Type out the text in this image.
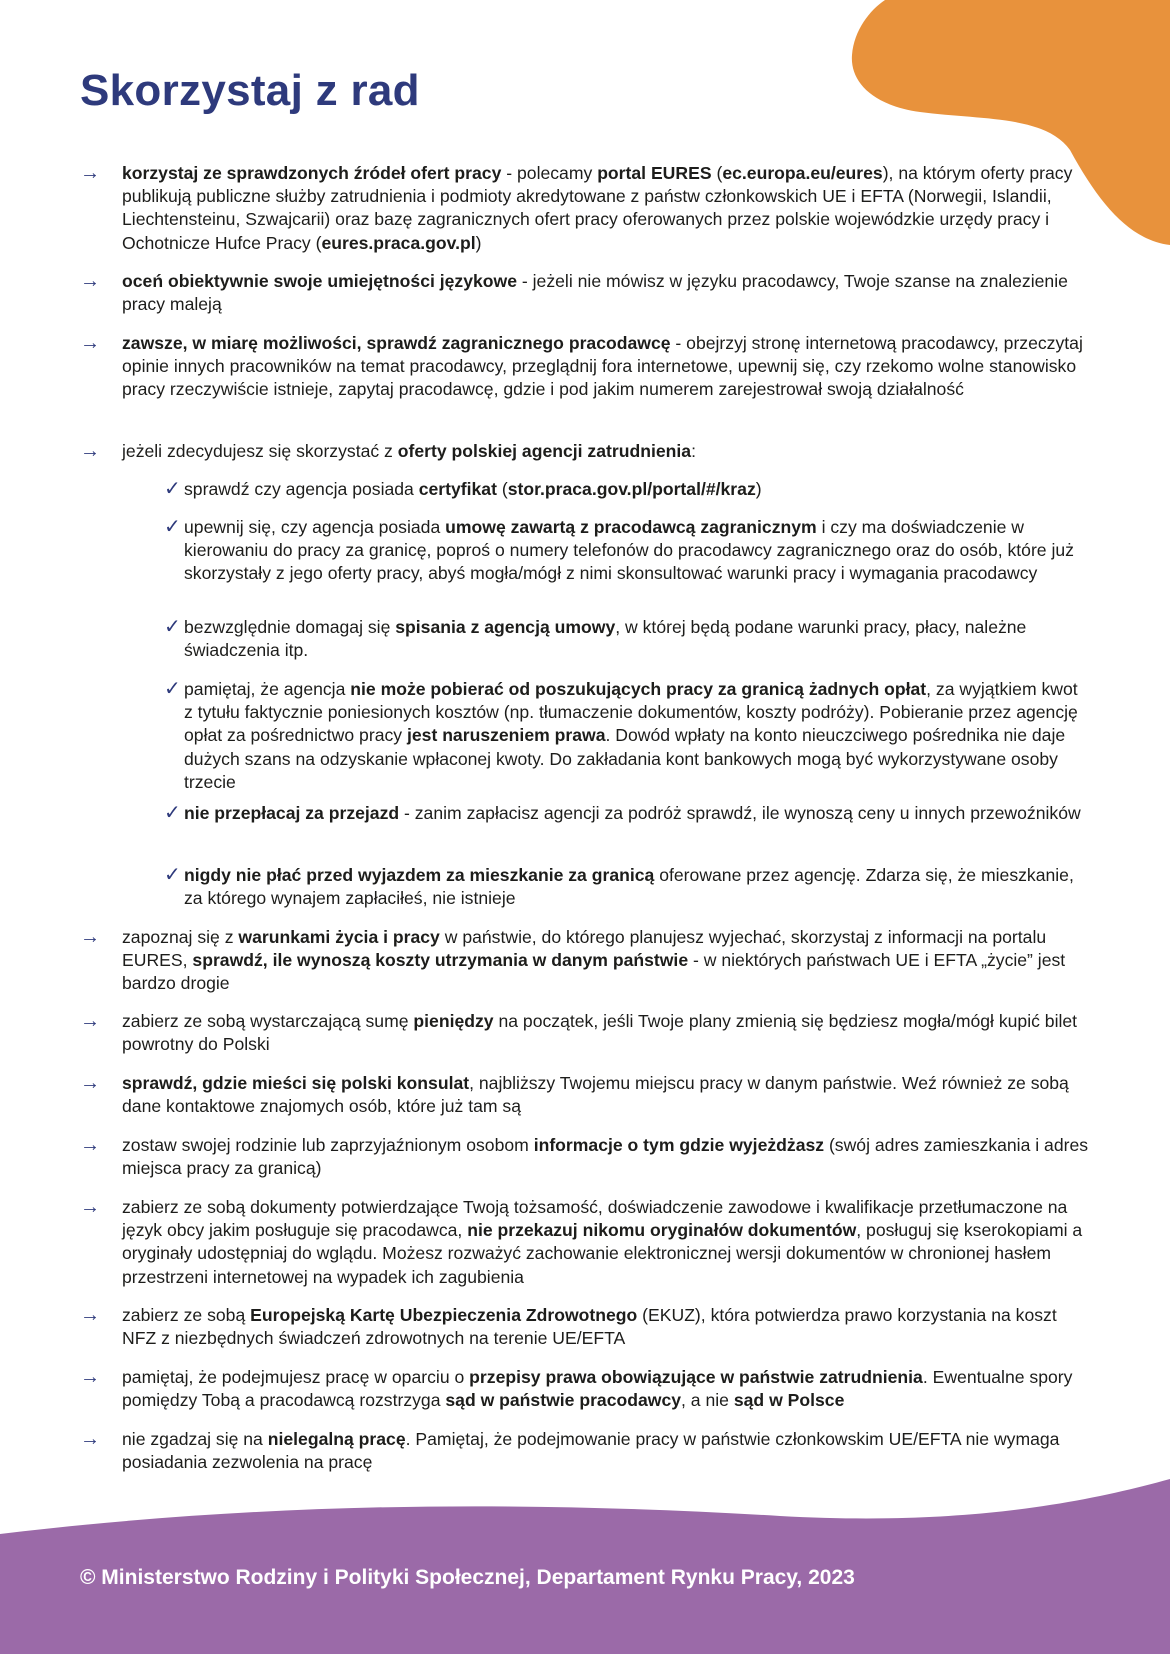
Skorzystaj z rad
→ korzystaj ze sprawdzonych źródeł ofert pracy - polecamy portal EURES (ec.europa.eu/eures), na którym oferty pracy publikują publiczne służby zatrudnienia i podmioty akredytowane z państw członkowskich UE i EFTA (Norwegii, Islandii, Liechtensteinu, Szwajcarii) oraz bazę zagranicznych ofert pracy oferowanych przez polskie wojewódzkie urzędy pracy i Ochotnicze Hufce Pracy (eures.praca.gov.pl)
→ oceń obiektywnie swoje umiejętności językowe - jeżeli nie mówisz w języku pracodawcy, Twoje szanse na znalezienie pracy maleją
→ zawsze, w miarę możliwości, sprawdź zagranicznego pracodawcę - obejrzyj stronę internetową pracodawcy, przeczytaj opinie innych pracowników na temat pracodawcy, przeglądnij fora internetowe, upewnij się, czy rzekomo wolne stanowisko pracy rzeczywiście istnieje, zapytaj pracodawcę, gdzie i pod jakim numerem zarejestrował swoją działalność
→ jeżeli zdecydujesz się skorzystać z oferty polskiej agencji zatrudnienia:
✓ sprawdź czy agencja posiada certyfikat (stor.praca.gov.pl/portal/#/kraz)
✓ upewnij się, czy agencja posiada umowę zawartą z pracodawcą zagranicznym i czy ma doświadczenie w kierowaniu do pracy za granicę, poproś o numery telefonów do pracodawcy zagranicznego oraz do osób, które już skorzystały z jego oferty pracy, abyś mogła/mógł z nimi skonsultować warunki pracy i wymagania pracodawcy
✓ bezwzględnie domagaj się spisania z agencją umowy, w której będą podane warunki pracy, płacy, należne świadczenia itp.
✓ pamiętaj, że agencja nie może pobierać od poszukujących pracy za granicą żadnych opłat, za wyjątkiem kwot z tytułu faktycznie poniesionych kosztów (np. tłumaczenie dokumentów, koszty podróży). Pobieranie przez agencję opłat za pośrednictwo pracy jest naruszeniem prawa. Dowód wpłaty na konto nieuczciwego pośrednika nie daje dużych szans na odzyskanie wpłaconej kwoty. Do zakładania kont bankowych mogą być wykorzystywane osoby trzecie
✓ nie przepłacaj za przejazd - zanim zapłacisz agencji za podróż sprawdź, ile wynoszą ceny u innych przewoźników
✓ nigdy nie płać przed wyjazdem za mieszkanie za granicą oferowane przez agencję. Zdarza się, że mieszkanie, za którego wynajem zapłaciłeś, nie istnieje
→ zapoznaj się z warunkami życia i pracy w państwie, do którego planujesz wyjechać, skorzystaj z informacji na portalu EURES, sprawdź, ile wynoszą koszty utrzymania w danym państwie - w niektórych państwach UE i EFTA „życie” jest bardzo drogie
→ zabierz ze sobą wystarczającą sumę pieniędzy na początek, jeśli Twoje plany zmienią się będziesz mogła/mógł kupić bilet powrotny do Polski
→ sprawdź, gdzie mieści się polski konsulat, najbliższy Twojemu miejscu pracy w danym państwie. Weź również ze sobą dane kontaktowe znajomych osób, które już tam są
→ zostaw swojej rodzinie lub zaprzyjaźnionym osobom informacje o tym gdzie wyjeżdżasz (swój adres zamieszkania i adres miejsca pracy za granicą)
→ zabierz ze sobą dokumenty potwierdzające Twoją tożsamość, doświadczenie zawodowe i kwalifikacje przetłumaczone na język obcy jakim posługuje się pracodawca, nie przekazuj nikomu oryginałów dokumentów, posługuj się kserokopiami a oryginały udostępniaj do wglądu. Możesz rozważyć zachowanie elektronicznej wersji dokumentów w chronionej hasłem przestrzeni internetowej na wypadek ich zagubienia
→ zabierz ze sobą Europejską Kartę Ubezpieczenia Zdrowotnego (EKUZ), która potwierdza prawo korzystania na koszt NFZ z niezbędnych świadczeń zdrowotnych na terenie UE/EFTA
→ pamiętaj, że podejmujesz pracę w oparciu o przepisy prawa obowiązujące w państwie zatrudnienia. Ewentualne spory pomiędzy Tobą a pracodawcą rozstrzyga sąd w państwie pracodawcy, a nie sąd w Polsce
→ nie zgadzaj się na nielegalną pracę. Pamiętaj, że podejmowanie pracy w państwie członkowskim UE/EFTA nie wymaga posiadania zezwolenia na pracę
© Ministerstwo Rodziny i Polityki Społecznej, Departament Rynku Pracy, 2023
